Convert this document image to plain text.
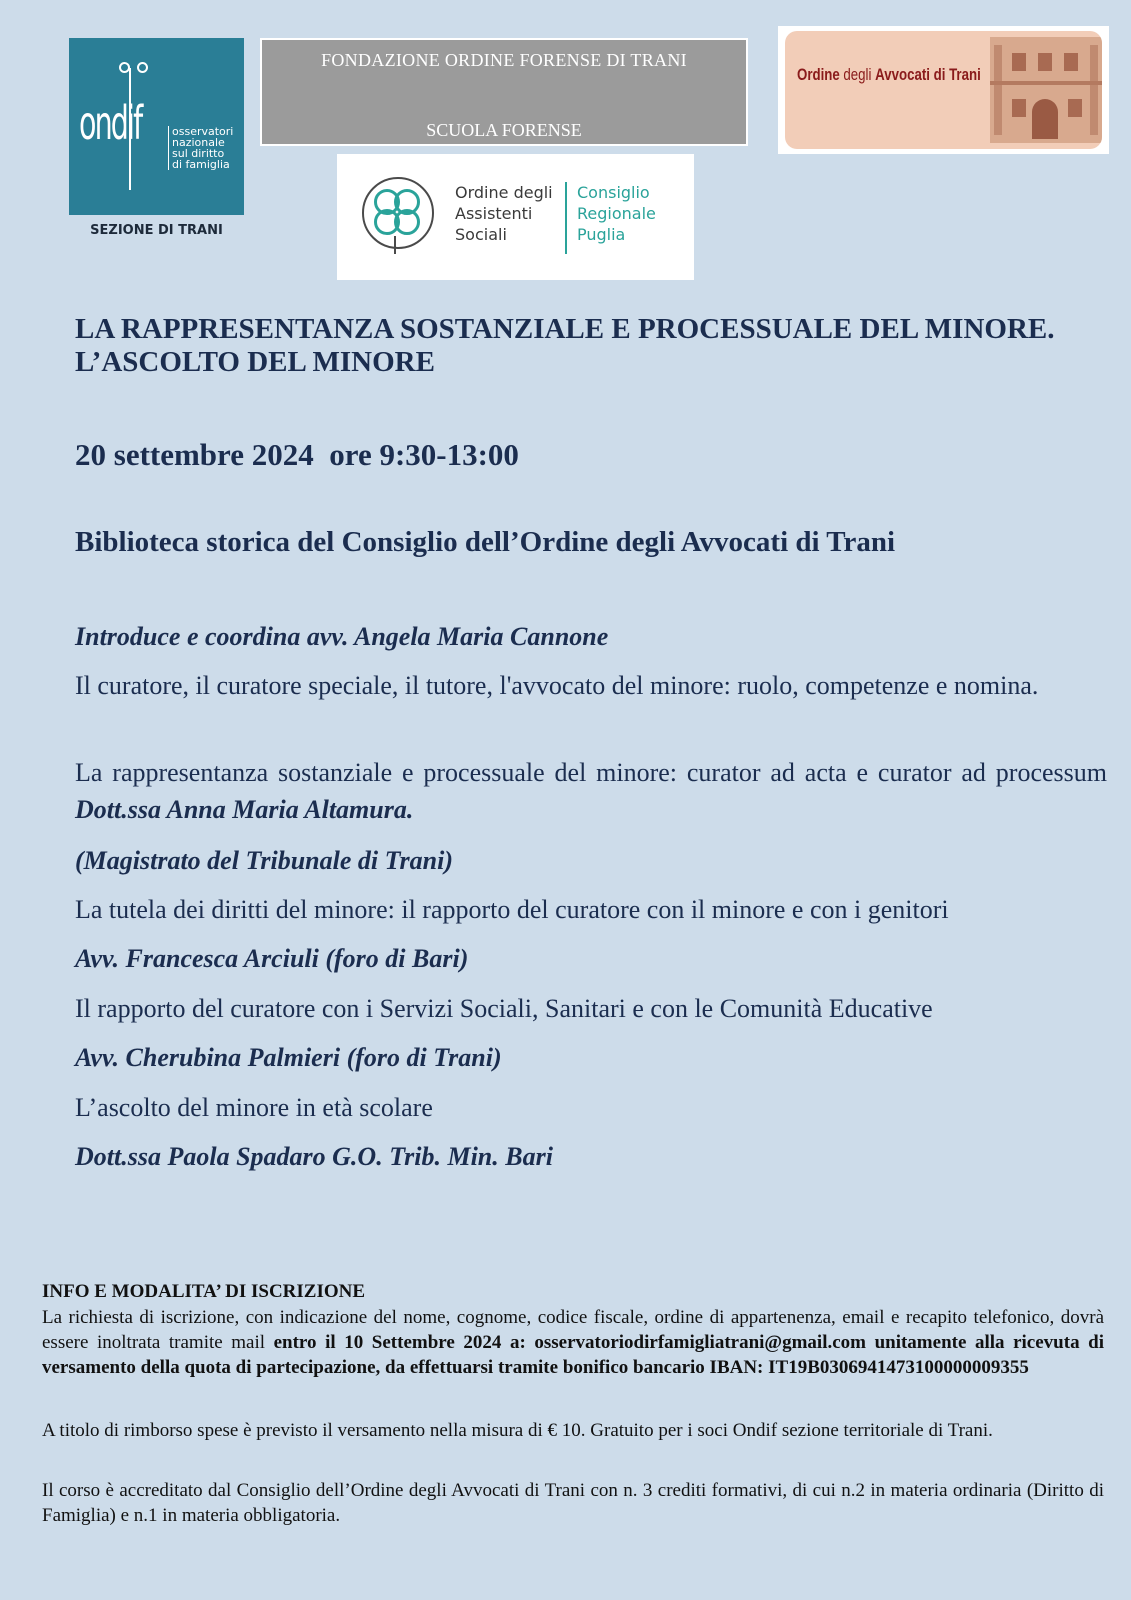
ondif	osservatori
nazionale
sul diritto
di famiglia
SEZIONE DI TRANI
FONDAZIONE ORDINE FORENSE DI TRANI
SCUOLA FORENSE
Ordine degli Avvocati di Trani
Ordine degli
Assistenti
Sociali
Consiglio
Regionale
Puglia
LA RAPPRESENTANZA SOSTANZIALE E PROCESSUALE DEL MINORE. L’ASCOLTO DEL MINORE
20 settembre 2024  ore 9:30-13:00
Biblioteca storica del Consiglio dell’Ordine degli Avvocati di Trani
Introduce e coordina avv. Angela Maria Cannone
Il curatore, il curatore speciale, il tutore, l'avvocato del minore: ruolo, competenze e nomina.
La rappresentanza sostanziale e processuale del minore: curator ad acta e curator ad processum Dott.ssa Anna Maria Altamura.
(Magistrato del Tribunale di Trani)
La tutela dei diritti del minore: il rapporto del curatore con il minore e con i genitori
Avv. Francesca Arciuli (foro di Bari)
Il rapporto del curatore con i Servizi Sociali, Sanitari e con le Comunità Educative
Avv. Cherubina Palmieri (foro di Trani)
L’ascolto del minore in età scolare
Dott.ssa Paola Spadaro G.O. Trib. Min. Bari
INFO E MODALITA’ DI ISCRIZIONE
La richiesta di iscrizione, con indicazione del nome, cognome, codice fiscale, ordine di appartenenza, email e recapito telefonico, dovrà essere inoltrata tramite mail entro il 10 Settembre 2024 a: osservatoriodirfamigliatrani@gmail.com unitamente alla ricevuta di versamento della quota di partecipazione, da effettuarsi tramite bonifico bancario IBAN: IT19B0306941473100000009355
A titolo di rimborso spese è previsto il versamento nella misura di € 10. Gratuito per i soci Ondif sezione territoriale di Trani.
Il corso è accreditato dal Consiglio dell’Ordine degli Avvocati di Trani con n. 3 crediti formativi, di cui n.2 in materia ordinaria (Diritto di Famiglia) e n.1 in materia obbligatoria.
